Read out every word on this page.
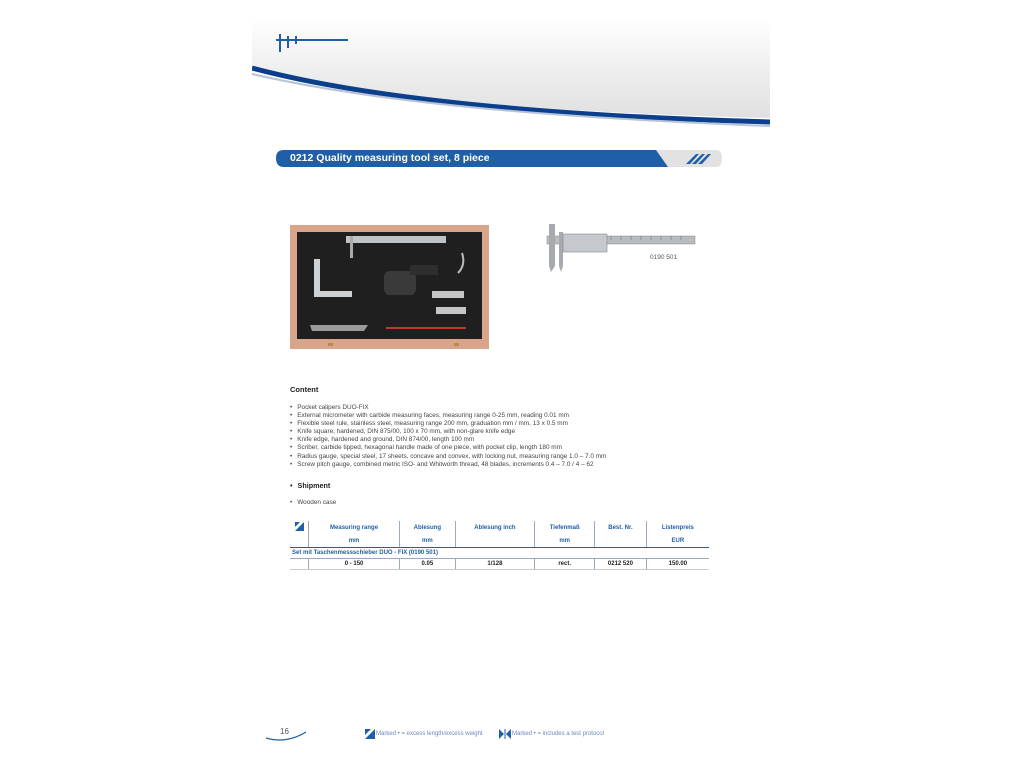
0212 Quality measuring tool set, 8 piece
0190 501
Content
• Pocket calipers DUO-FIX
• External micrometer with carbide measuring faces, measuring range 0-25 mm, reading 0.01 mm
• Flexible steel rule, stainless steel, measuring range 200 mm, graduation mm / mm, 13 x 0.5 mm
• Knife square, hardened, DIN 875/00, 100 x 70 mm, with non-glare knife edge
• Knife edge, hardened and ground, DIN 874/00, length 100 mm
• Scriber, carbide tipped, hexagonal handle made of one piece, with pocket clip, length 180 mm
• Radius gauge, special steel, 17 sheets, concave and convex, with locking nut, measuring range 1.0 – 7.0 mm
• Screw pitch gauge, combined metric ISO- and Whitworth thread, 48 blades, increments 0.4 – 7.0 / 4 – 62
• Shipment
• Wooden case
	Measuring range	Ablesung	Ablesung inch	Tiefenmaß	Best. Nr.	Listenpreis
	mm	mm		mm		EUR
Set mit Taschenmessschieber DUO - FIX (0190 501)						
	0 - 150	0.05	1/128	rect.	0212 520	150.00
16	Marked • = excess length/excess weight	Marked • = includes a test protocol
